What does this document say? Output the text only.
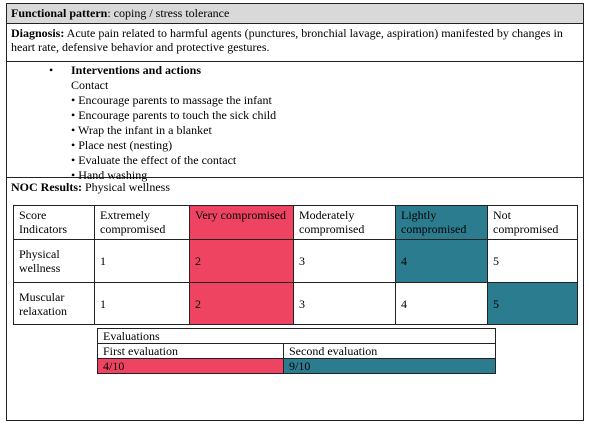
Functional pattern: coping / stress tolerance
Diagnosis: Acute pain related to harmful agents (punctures, bronchial lavage, aspiration) manifested by changes in heart rate, defensive behavior and protective gestures.
• Interventions and actions
Contact
• Encourage parents to massage the infant
• Encourage parents to touch the sick child
• Wrap the infant in a blanket
• Place nest (nesting)
• Evaluate the effect of the contact
• Hand washing
NOC Results: Physical wellness
Score Indicators	Extremely compromised	Very compromised	Moderately compromised	Lightly compromised	Not compromised
Physical wellness	1	2	3	4	5
Muscular relaxation	1	2	3	4	5
Evaluations	
First evaluation	Second evaluation
4/10	9/10
